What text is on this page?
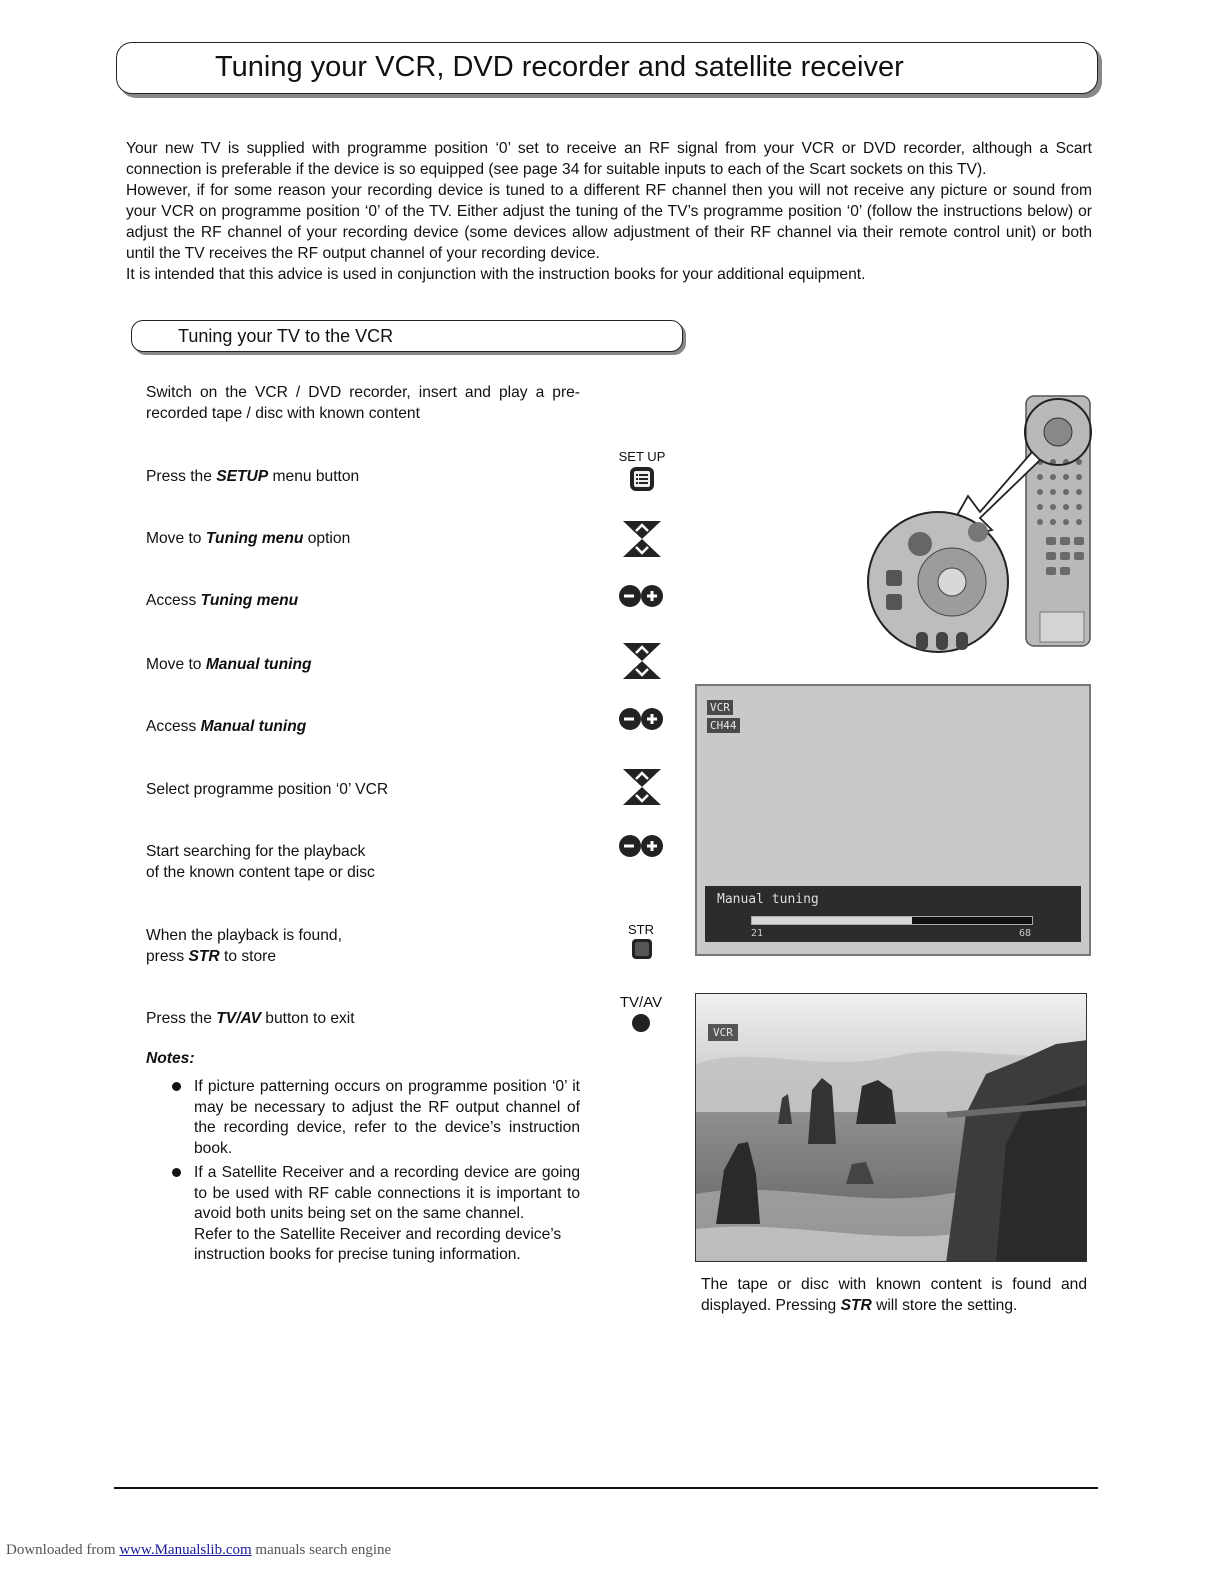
Tuning your VCR, DVD recorder and satellite receiver

Your new TV is supplied with programme position ‘0’ set to receive an RF signal from your VCR or DVD recorder, although a Scart connection is preferable if the device is so equipped (see page 34 for suitable inputs to each of the Scart sockets on this TV).

However, if for some reason your recording device is tuned to a different RF channel then you will not receive any picture or sound from your VCR on programme position ‘0’ of the TV. Either adjust the tuning of the TV’s programme position ‘0’ (follow the instructions below) or adjust the RF channel of your recording device (some devices allow adjustment of their RF channel via their remote control unit) or both until the TV receives the RF output channel of your recording device.

It is intended that this advice is used in conjunction with the instruction books for your additional equipment.

Tuning your TV to the VCR
Switch on the VCR / DVD recorder, insert and play a pre-recorded tape / disc with known content
Press the SETUP menu button
Move to Tuning menu option
Access Tuning menu
Move to Manual tuning
Access Manual tuning
Select programme position ‘0’ VCR
Start searching for the playback
of the known content tape or disc
When the playback is found,
press STR to store
Press the TV/AV button to exit
SET UP
STR
TV/AV
Notes:
If picture patterning occurs on programme position ‘0’ it may be necessary to adjust the RF output channel of the recording device, refer to the device’s instruction book.
If a Satellite Receiver and a recording device are going to be used with RF cable connections it is important to avoid both units being set on the same channel.
Refer to the Satellite Receiver and recording device’s instruction books for precise tuning information.
VCR
CH44
Manual tuning
21	68
VCR
The tape or disc with known content is found and displayed. Pressing STR will store the setting.
Downloaded from www.Manualslib.com manuals search engine
